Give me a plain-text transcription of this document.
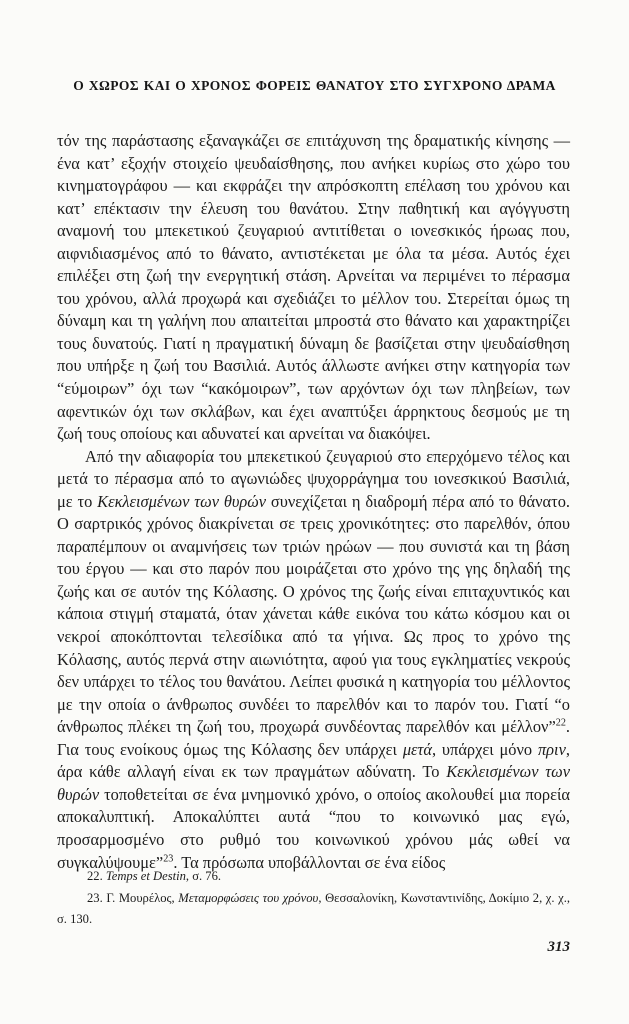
Ο ΧΩΡΟΣ ΚΑΙ Ο ΧΡΟΝΟΣ ΦΟΡΕΙΣ ΘΑΝΑΤΟΥ ΣΤΟ ΣΥΓΧΡΟΝΟ ΔΡΑΜΑ

τόν της παράστασης εξαναγκάζει σε επιτάχυνση της δραματικής κίνησης — ένα κατ’ εξοχήν στοιχείο ψευδαίσθησης, που ανήκει κυρίως στο χώρο του κινηματογράφου — και εκφράζει την απρόσκοπτη επέλαση του χρόνου και κατ’ επέκτασιν την έλευση του θανάτου. Στην παθητική και αγόγγυστη αναμονή του μπεκετικού ζευγαριού αντιτίθεται ο ιονεσκικός ήρωας που, αιφνιδιασμένος από το θάνατο, αντιστέκεται με όλα τα μέσα. Αυτός έχει επιλέξει στη ζωή την ενεργητική στάση. Αρνείται να περιμένει το πέρασμα του χρόνου, αλλά προχωρά και σχεδιάζει το μέλλον του. Στερείται όμως τη δύναμη και τη γαλήνη που απαιτείται μπροστά στο θάνατο και χαρακτηρίζει τους δυνατούς. Γιατί η πραγματική δύναμη δε βασίζεται στην ψευδαίσθηση που υπήρξε η ζωή του Βασιλιά. Αυτός άλλωστε ανήκει στην κατηγορία των “εύμοιρων” όχι των “κακόμοιρων”, των αρχόντων όχι των πληβείων, των αφεντικών όχι των σκλάβων, και έχει αναπτύξει άρρηκτους δεσμούς με τη ζωή τους οποίους και αδυνατεί και αρνείται να διακόψει.

Από την αδιαφορία του μπεκετικού ζευγαριού στο επερχόμενο τέλος και μετά το πέρασμα από το αγωνιώδες ψυχορράγημα του ιονεσκικού Βασιλιά, με το Κεκλεισμένων των θυρών συνεχίζεται η διαδρομή πέρα από το θάνατο. Ο σαρτρικός χρόνος διακρίνεται σε τρεις χρονικότητες: στο παρελθόν, όπου παραπέμπουν οι αναμνήσεις των τριών ηρώων — που συνιστά και τη βάση του έργου — και στο παρόν που μοιράζεται στο χρόνο της γης δηλαδή της ζωής και σε αυτόν της Κόλασης. Ο χρόνος της ζωής είναι επιταχυντικός και κάποια στιγμή σταματά, όταν χάνεται κάθε εικόνα του κάτω κόσμου και οι νεκροί αποκόπτονται τελεσίδικα από τα γήινα. Ως προς το χρόνο της Κόλασης, αυτός περνά στην αιωνιότητα, αφού για τους εγκληματίες νεκρούς δεν υπάρχει το τέλος του θανάτου. Λείπει φυσικά η κατηγορία του μέλλοντος με την οποία ο άνθρωπος συνδέει το παρελθόν και το παρόν του. Γιατί “ο άνθρωπος πλέκει τη ζωή του, προχωρά συνδέοντας παρελθόν και μέλλον”$^{22}$. Για τους ενοίκους όμως της Κόλασης δεν υπάρχει μετά, υπάρχει μόνο πριν, άρα κάθε αλλαγή είναι εκ των πραγμάτων αδύνατη. Το Κεκλεισμένων των θυρών τοποθετείται σε ένα μνημονικό χρόνο, ο οποίος ακολουθεί μια πορεία αποκαλυπτική. Αποκαλύπτει αυτά “που το κοινωνικό μας εγώ, προσαρμοσμένο στο ρυθμό του κοινωνικού χρόνου μάς ωθεί να συγκαλύψουμε”$^{23}$. Τα πρόσωπα υποβάλλονται σε ένα είδος

22. Temps et Destin, σ. 76.

23. Γ. Μουρέλος, Μεταμορφώσεις του χρόνου, Θεσσαλονίκη, Κωνσταντινίδης, Δοκίμιο 2, χ. χ., σ. 130.

313
